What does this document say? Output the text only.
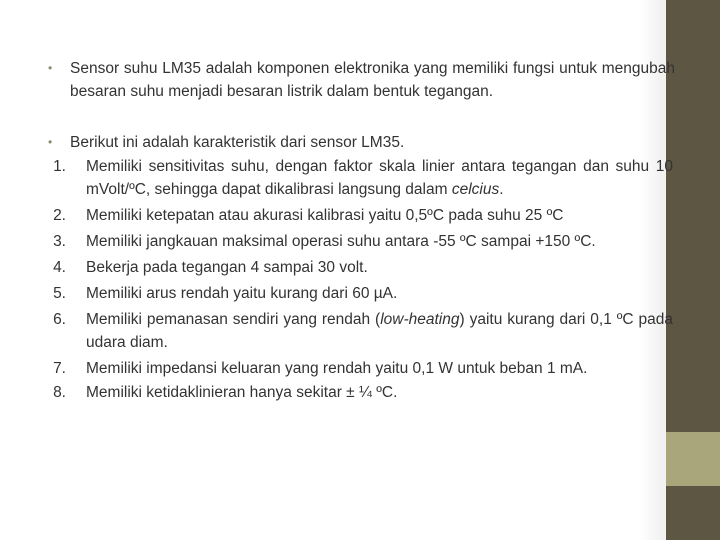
• Sensor suhu LM35 adalah komponen elektronika yang memiliki fungsi untuk mengubah besaran suhu menjadi besaran listrik dalam bentuk tegangan.
• Berikut ini adalah karakteristik dari sensor LM35.
1. Memiliki sensitivitas suhu, dengan faktor skala linier antara tegangan dan suhu 10 mVolt/ºC, sehingga dapat dikalibrasi langsung dalam celcius.
2. Memiliki ketepatan atau akurasi kalibrasi yaitu 0,5ºC pada suhu 25 ºC
3. Memiliki jangkauan maksimal operasi suhu antara -55 ºC sampai +150 ºC.
4. Bekerja pada tegangan 4 sampai 30 volt.
5. Memiliki arus rendah yaitu kurang dari 60 µA.
6. Memiliki pemanasan sendiri yang rendah (low-heating) yaitu kurang dari 0,1 ºC pada udara diam.
7. Memiliki impedansi keluaran yang rendah yaitu 0,1 W untuk beban 1 mA.
8. Memiliki ketidaklinieran hanya sekitar ± ¼ ºC.
